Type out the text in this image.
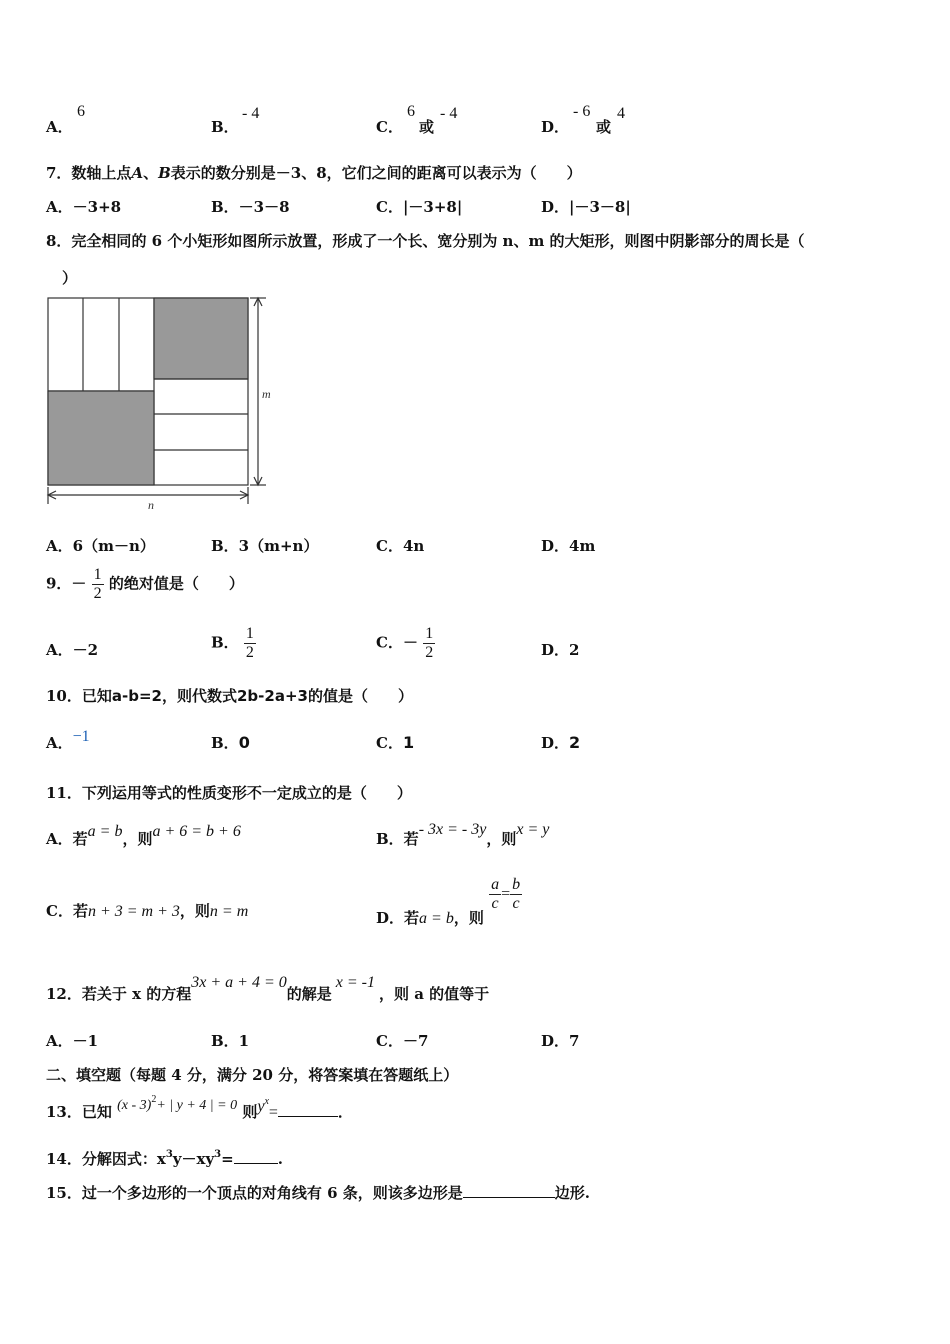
A．
6
B．
- 4
C．
6
或
- 4
D．
- 6
或
4
7．数轴上点A、B表示的数分别是－3、8，它们之间的距离可以表示为（　　）
A．－3+8	B．－3－8	C．|－3+8|	D．|－3－8|
8．完全相同的 6 个小矩形如图所示放置，形成了一个长、宽分别为 n、m 的大矩形，则图中阴影部分的周长是（
）
m
n
A．6（m－n）	B．3（m+n）	C．4n	D．4m
9．－ $\frac{1}{2}$ 的绝对值是（　　）
A．－2	B． $\frac{1}{2}$	C．－ $\frac{1}{2}$	D．2
10．已知a-b=2，则代数式2b-2a+3的值是（　　）
A．−1	B．0	C．1	D．2
11．下列运用等式的性质变形不一定成立的是（　　）
A．若a = b，则a + 6 = b + 6	B．若- 3x = - 3y，则x = y
C．若n + 3 = m + 3，则n = m	D．若a = b，则
$\frac{a}{c} = \frac{b}{c}$
12．若关于 x 的方程3x + a + 4 = 0的解是x = -1，则 a 的值等于
A．－1	B．1	C．－7	D．7
二、填空题（每题 4 分，满分 20 分，将答案填在答题纸上）
13．已知 (x - 3)$^2$+ | y + 4 | = 0 则$y^x=$	．
14．分解因式：$x^3y-xy^3=$	.
15．过一个多边形的一个顶点的对角线有 6 条，则该多边形是	边形.
